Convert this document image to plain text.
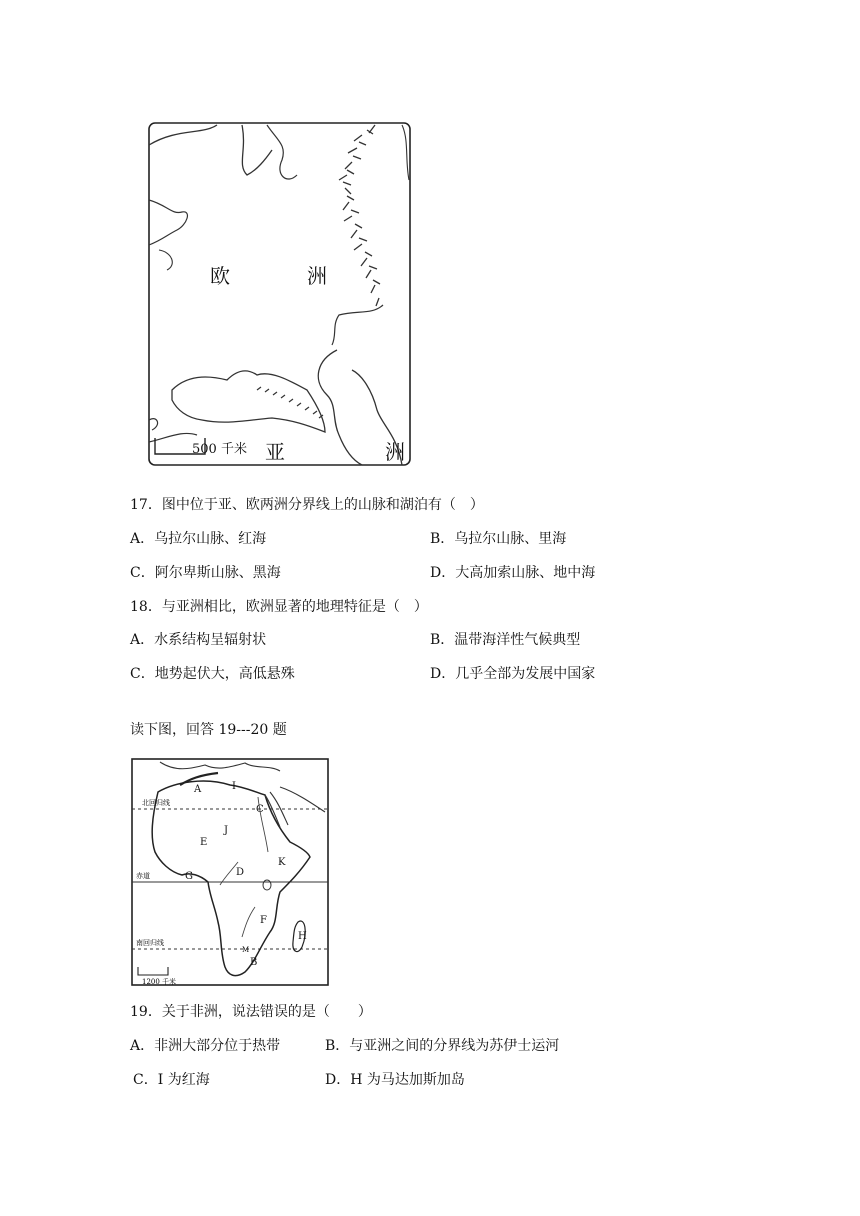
欧	洲
500 千米 亚	洲
17．图中位于亚、欧两洲分界线上的山脉和湖泊有（　）
A．乌拉尔山脉、红海	B．乌拉尔山脉、里海
C．阿尔卑斯山脉、黑海	D．大高加索山脉、地中海
18．与亚洲相比，欧洲显著的地理特征是（　）
A．水系结构呈辐射状	B．温带海洋性气候典型
C．地势起伏大，高低悬殊	D．几乎全部为发展中国家
读下图，回答 19---20 题
1200 千米
北回归线
赤道
南回归线
A	I
C
E
J
K
G	D
F
H
M
B
19．关于非洲，说法错误的是（　　）
A．非洲大部分位于热带	B．与亚洲之间的分界线为苏伊士运河
C．I 为红海	D．H 为马达加斯加岛
